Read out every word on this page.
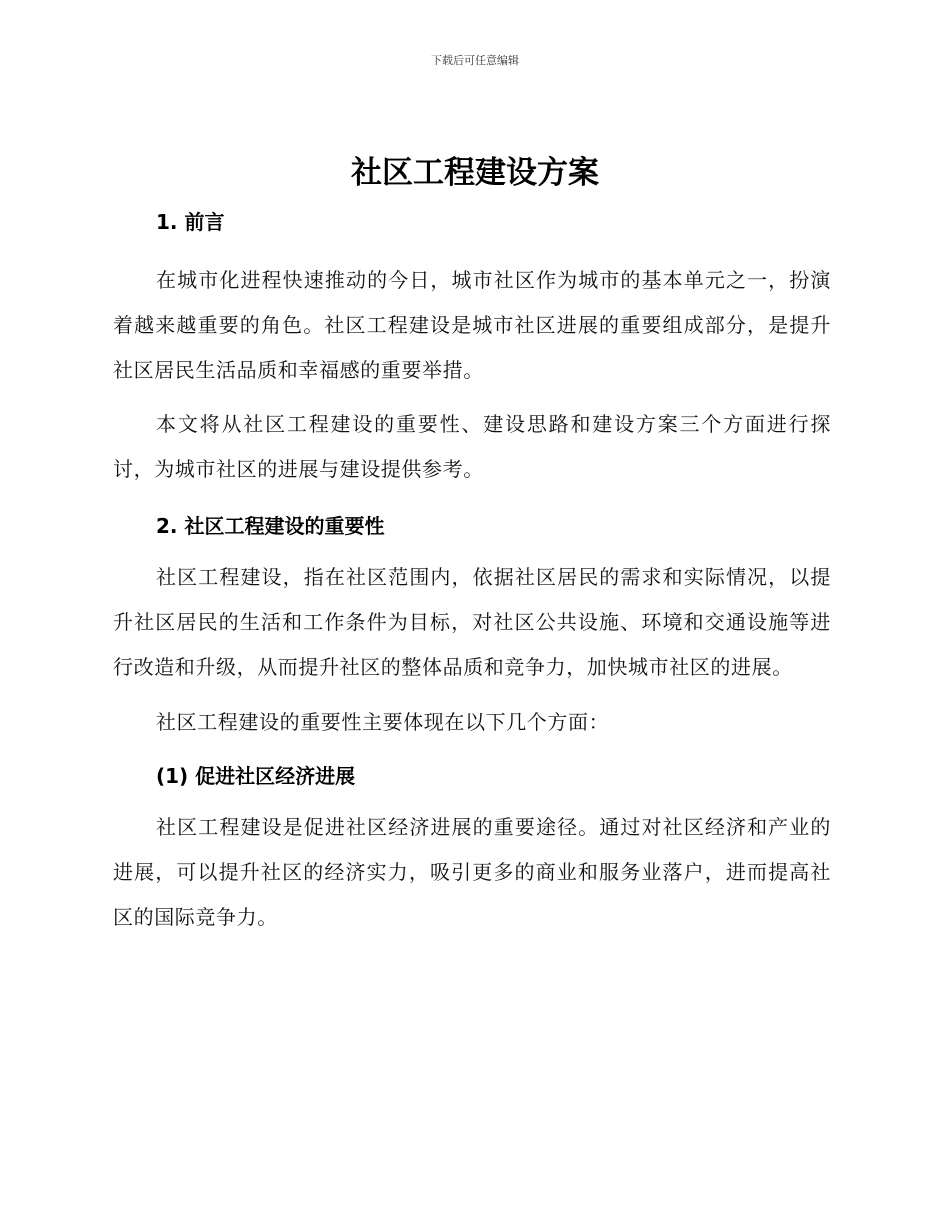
下载后可任意编辑
社区工程建设方案
1. 前言

在城市化进程快速推动的今日，城市社区作为城市的基本单元之一，扮演着越来越重要的角色。社区工程建设是城市社区进展的重要组成部分，是提升社区居民生活品质和幸福感的重要举措。

本文将从社区工程建设的重要性、建设思路和建设方案三个方面进行探讨，为城市社区的进展与建设提供参考。

2. 社区工程建设的重要性

社区工程建设，指在社区范围内，依据社区居民的需求和实际情况，以提升社区居民的生活和工作条件为目标，对社区公共设施、环境和交通设施等进行改造和升级，从而提升社区的整体品质和竞争力，加快城市社区的进展。

社区工程建设的重要性主要体现在以下几个方面：

(1) 促进社区经济进展

社区工程建设是促进社区经济进展的重要途径。通过对社区经济和产业的进展，可以提升社区的经济实力，吸引更多的商业和服务业落户，进而提高社区的国际竞争力。
